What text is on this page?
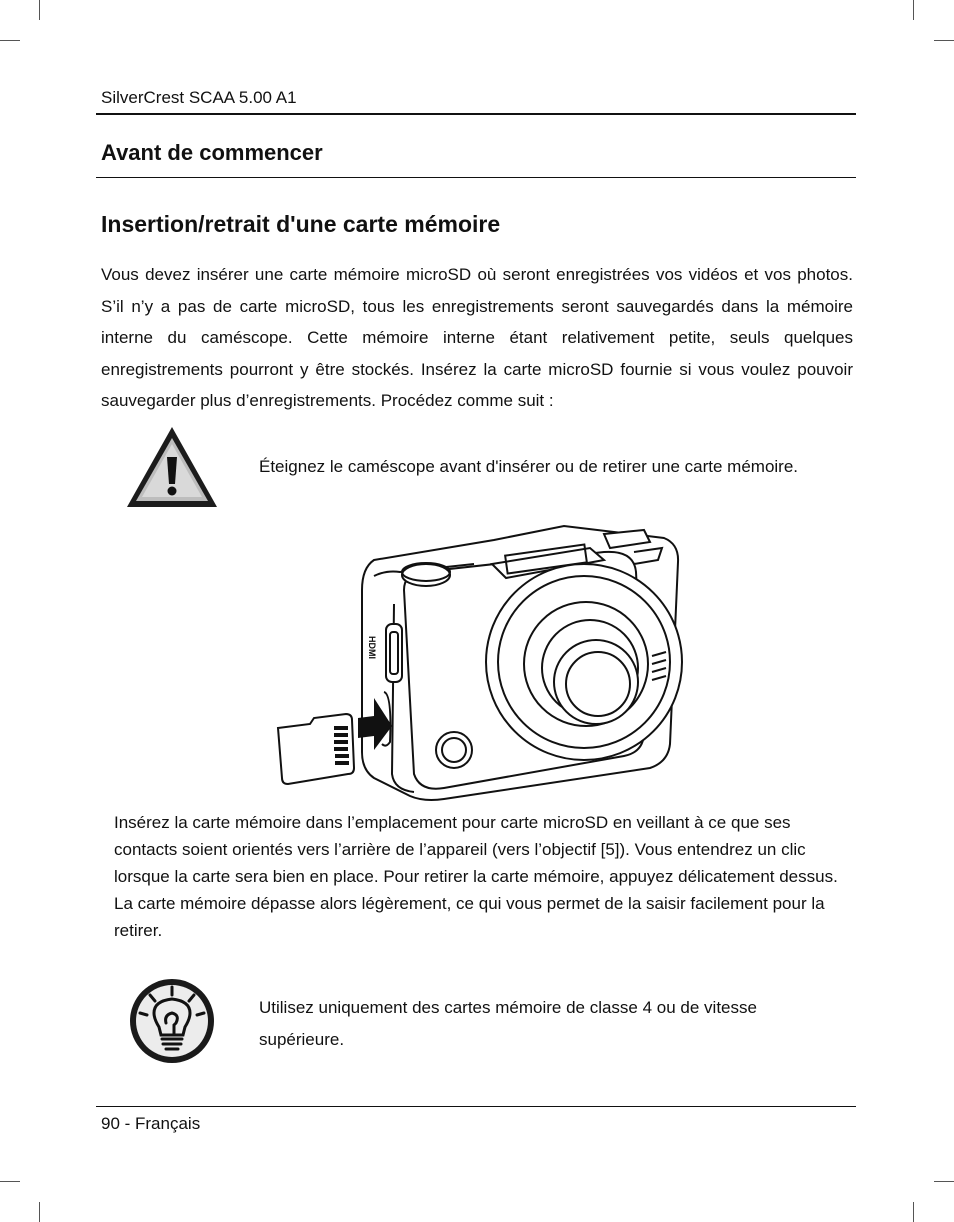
SilverCrest SCAA 5.00 A1
Avant de commencer
Insertion/retrait d'une carte mémoire

Vous devez insérer une carte mémoire microSD où seront enregistrées vos vidéos et vos photos. S’il n’y a pas de carte microSD, tous les enregistrements seront sauvegardés dans la mémoire interne du caméscope. Cette mémoire interne étant relativement petite, seuls quelques enregistrements pourront y être stockés. Insérez la carte microSD fournie si vous voulez pouvoir sauvegarder plus d’enregistrements. Procédez comme suit :

Éteignez le caméscope avant d'insérer ou de retirer une carte mémoire.
HDMI

Insérez la carte mémoire dans l’emplacement pour carte microSD en veillant à ce que ses contacts soient orientés vers l’arrière de l’appareil (vers l’objectif [5]). Vous entendrez un clic lorsque la carte sera bien en place. Pour retirer la carte mémoire, appuyez délicatement dessus. La carte mémoire dépasse alors légèrement, ce qui vous permet de la saisir facilement pour la retirer.

Utilisez uniquement des cartes mémoire de classe 4 ou de vitesse supérieure.

90 - Français
